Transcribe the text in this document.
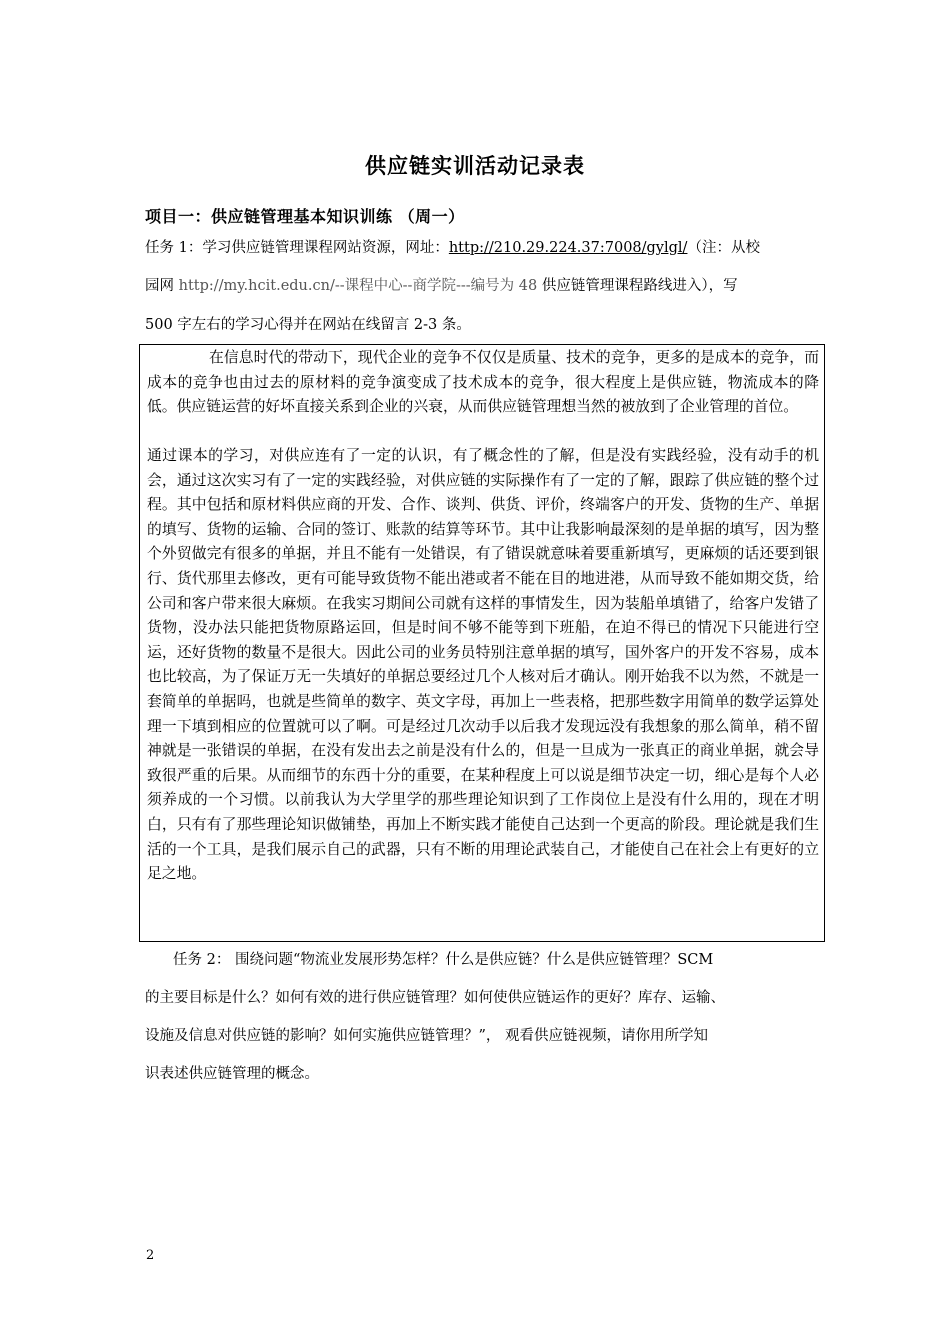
供应链实训活动记录表
项目一：供应链管理基本知识训练 （周一）
任务 1：学习供应链管理课程网站资源，网址：http://210.29.224.37:7008/gylgl/（注：从校
园网 http://my.hcit.edu.cn/--课程中心--商学院---编号为 48 供应链管理课程路线进入），写
500 字左右的学习心得并在网站在线留言 2-3 条。

在信息时代的带动下，现代企业的竞争不仅仅是质量、技术的竞争，更多的是成本的竞争，而成本的竞争也由过去的原材料的竞争演变成了技术成本的竞争，很大程度上是供应链，物流成本的降低。供应链运营的好坏直接关系到企业的兴衰，从而供应链管理想当然的被放到了企业管理的首位。

通过课本的学习，对供应连有了一定的认识，有了概念性的了解，但是没有实践经验，没有动手的机会，通过这次实习有了一定的实践经验，对供应链的实际操作有了一定的了解，跟踪了供应链的整个过程。其中包括和原材料供应商的开发、合作、谈判、供货、评价，终端客户的开发、货物的生产、单据的填写、货物的运输、合同的签订、账款的结算等环节。其中让我影响最深刻的是单据的填写，因为整个外贸做完有很多的单据，并且不能有一处错误，有了错误就意味着要重新填写，更麻烦的话还要到银行、货代那里去修改，更有可能导致货物不能出港或者不能在目的地进港，从而导致不能如期交货，给公司和客户带来很大麻烦。在我实习期间公司就有这样的事情发生，因为装船单填错了，给客户发错了货物，没办法只能把货物原路运回，但是时间不够不能等到下班船，在迫不得已的情况下只能进行空运，还好货物的数量不是很大。因此公司的业务员特别注意单据的填写，国外客户的开发不容易，成本也比较高，为了保证万无一失填好的单据总要经过几个人核对后才确认。刚开始我不以为然，不就是一套简单的单据吗，也就是些简单的数字、英文字母，再加上一些表格，把那些数字用简单的数学运算处理一下填到相应的位置就可以了啊。可是经过几次动手以后我才发现远没有我想象的那么简单，稍不留神就是一张错误的单据，在没有发出去之前是没有什么的，但是一旦成为一张真正的商业单据，就会导致很严重的后果。从而细节的东西十分的重要，在某种程度上可以说是细节决定一切，细心是每个人必须养成的一个习惯。以前我认为大学里学的那些理论知识到了工作岗位上是没有什么用的，现在才明白，只有有了那些理论知识做铺垫，再加上不断实践才能使自己达到一个更高的阶段。理论就是我们生活的一个工具，是我们展示自己的武器，只有不断的用理论武装自己，才能使自己在社会上有更好的立足之地。

任务 2： 围绕问题“物流业发展形势怎样？什么是供应链？什么是供应链管理？SCM
的主要目标是什么？如何有效的进行供应链管理？如何使供应链运作的更好？库存、运输、
设施及信息对供应链的影响？如何实施供应链管理？”， 观看供应链视频，请你用所学知
识表述供应链管理的概念。
2
